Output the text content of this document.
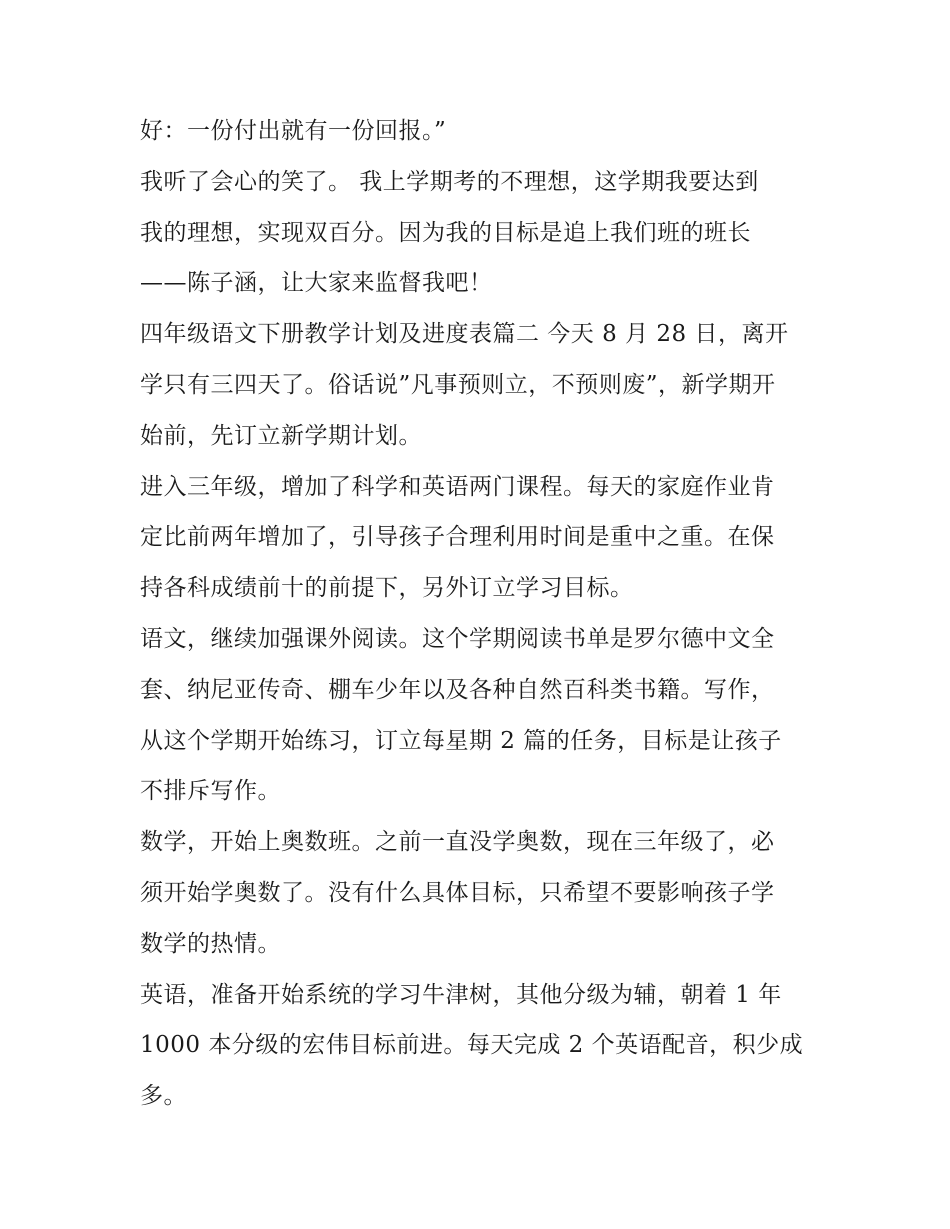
好：一份付出就有一份回报。”
我听了会心的笑了。 我上学期考的不理想，这学期我要达到
我的理想，实现双百分。因为我的目标是追上我们班的班长
——陈子涵，让大家来监督我吧！
四年级语文下册教学计划及进度表篇二 今天 8 月 28 日，离开
学只有三四天了。俗话说”凡事预则立，不预则废”，新学期开
始前，先订立新学期计划。
进入三年级，增加了科学和英语两门课程。每天的家庭作业肯
定比前两年增加了，引导孩子合理利用时间是重中之重。在保
持各科成绩前十的前提下，另外订立学习目标。
语文，继续加强课外阅读。这个学期阅读书单是罗尔德中文全
套、纳尼亚传奇、棚车少年以及各种自然百科类书籍。写作，
从这个学期开始练习，订立每星期 2 篇的任务，目标是让孩子
不排斥写作。
数学，开始上奥数班。之前一直没学奥数，现在三年级了，必
须开始学奥数了。没有什么具体目标，只希望不要影响孩子学
数学的热情。
英语，准备开始系统的学习牛津树，其他分级为辅，朝着 1 年
1000 本分级的宏伟目标前进。每天完成 2 个英语配音，积少成
多。
